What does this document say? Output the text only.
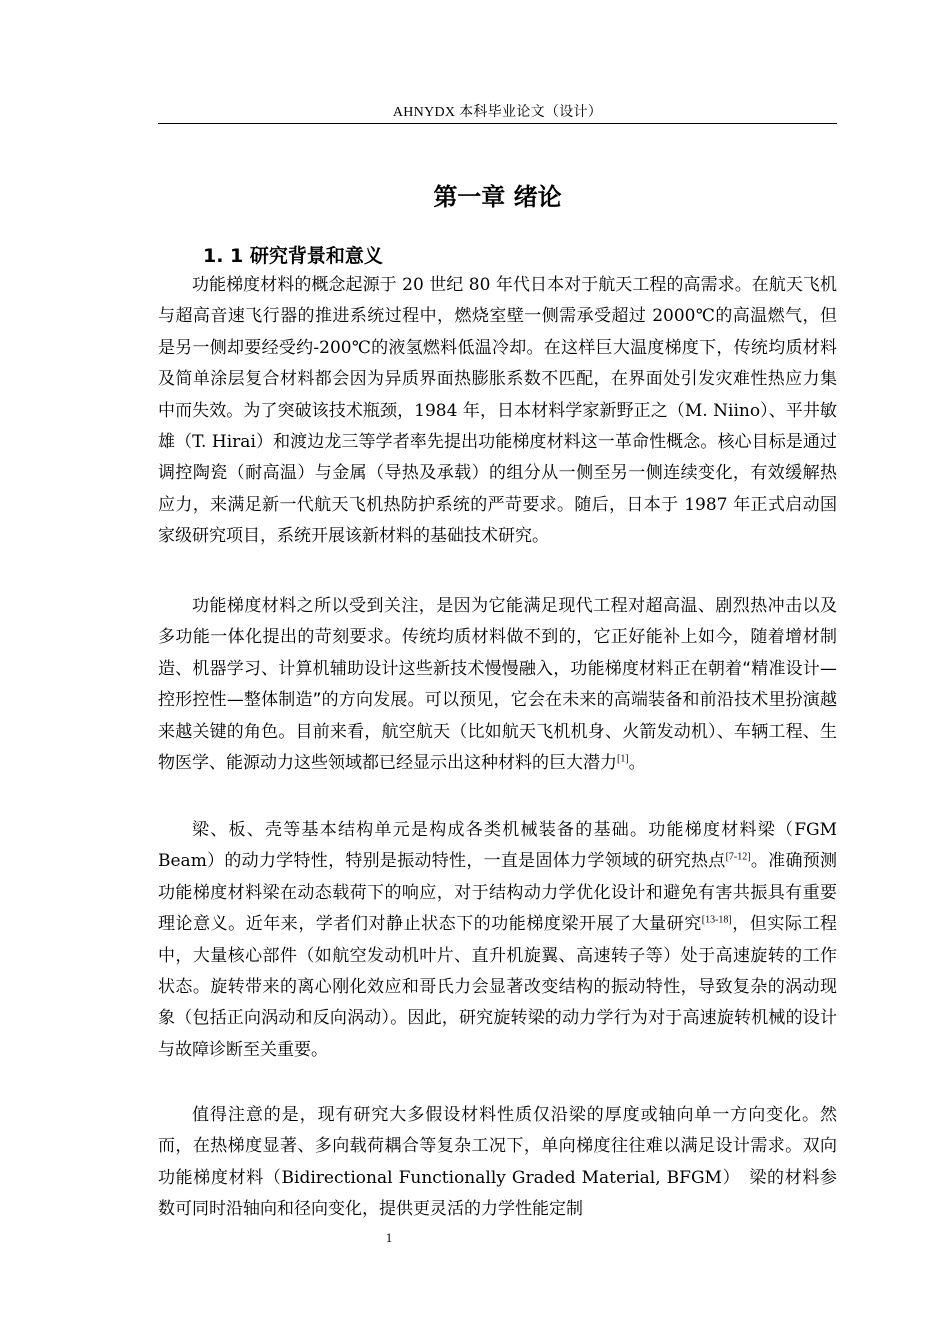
AHNYDX 本科毕业论文（设计）
第一章 绪论
1. 1 研究背景和意义

功能梯度材料的概念起源于 20 世纪 80 年代日本对于航天工程的高需求。在航天飞机与超高音速飞行器的推进系统过程中，燃烧室壁一侧需承受超过 2000℃的高温燃气，但是另一侧却要经受约-200℃的液氢燃料低温冷却。在这样巨大温度梯度下，传统均质材料及简单涂层复合材料都会因为异质界面热膨胀系数不匹配，在界面处引发灾难性热应力集中而失效。为了突破该技术瓶颈，1984 年，日本材料学家新野正之（M. Niino）、平井敏雄（T. Hirai）和渡边龙三等学者率先提出功能梯度材料这一革命性概念。核心目标是通过调控陶瓷（耐高温）与金属（导热及承载）的组分从一侧至另一侧连续变化，有效缓解热应力，来满足新一代航天飞机热防护系统的严苛要求。随后，日本于 1987 年正式启动国家级研究项目，系统开展该新材料的基础技术研究。

功能梯度材料之所以受到关注，是因为它能满足现代工程对超高温、剧烈热冲击以及多功能一体化提出的苛刻要求。传统均质材料做不到的，它正好能补上如今，随着增材制造、机器学习、计算机辅助设计这些新技术慢慢融入，功能梯度材料正在朝着“精准设计—控形控性—整体制造”的方向发展。可以预见，它会在未来的高端装备和前沿技术里扮演越来越关键的角色。目前来看，航空航天（比如航天飞机机身、火箭发动机）、车辆工程、生物医学、能源动力这些领域都已经显示出这种材料的巨大潜力[1]。

梁、板、壳等基本结构单元是构成各类机械装备的基础。功能梯度材料梁（FGM Beam）的动力学特性，特别是振动特性，一直是固体力学领域的研究热点[7-12]。准确预测功能梯度材料梁在动态载荷下的响应，对于结构动力学优化设计和避免有害共振具有重要理论意义。近年来，学者们对静止状态下的功能梯度梁开展了大量研究[13-18]，但实际工程中，大量核心部件（如航空发动机叶片、直升机旋翼、高速转子等）处于高速旋转的工作状态。旋转带来的离心刚化效应和哥氏力会显著改变结构的振动特性，导致复杂的涡动现象（包括正向涡动和反向涡动）。因此，研究旋转梁的动力学行为对于高速旋转机械的设计与故障诊断至关重要。

值得注意的是，现有研究大多假设材料性质仅沿梁的厚度或轴向单一方向变化。然而，在热梯度显著、多向载荷耦合等复杂工况下，单向梯度往往难以满足设计需求。双向功能梯度材料（Bidirectional Functionally Graded Material, BFGM）　梁的材料参数可同时沿轴向和径向变化，提供更灵活的力学性能定制

1
